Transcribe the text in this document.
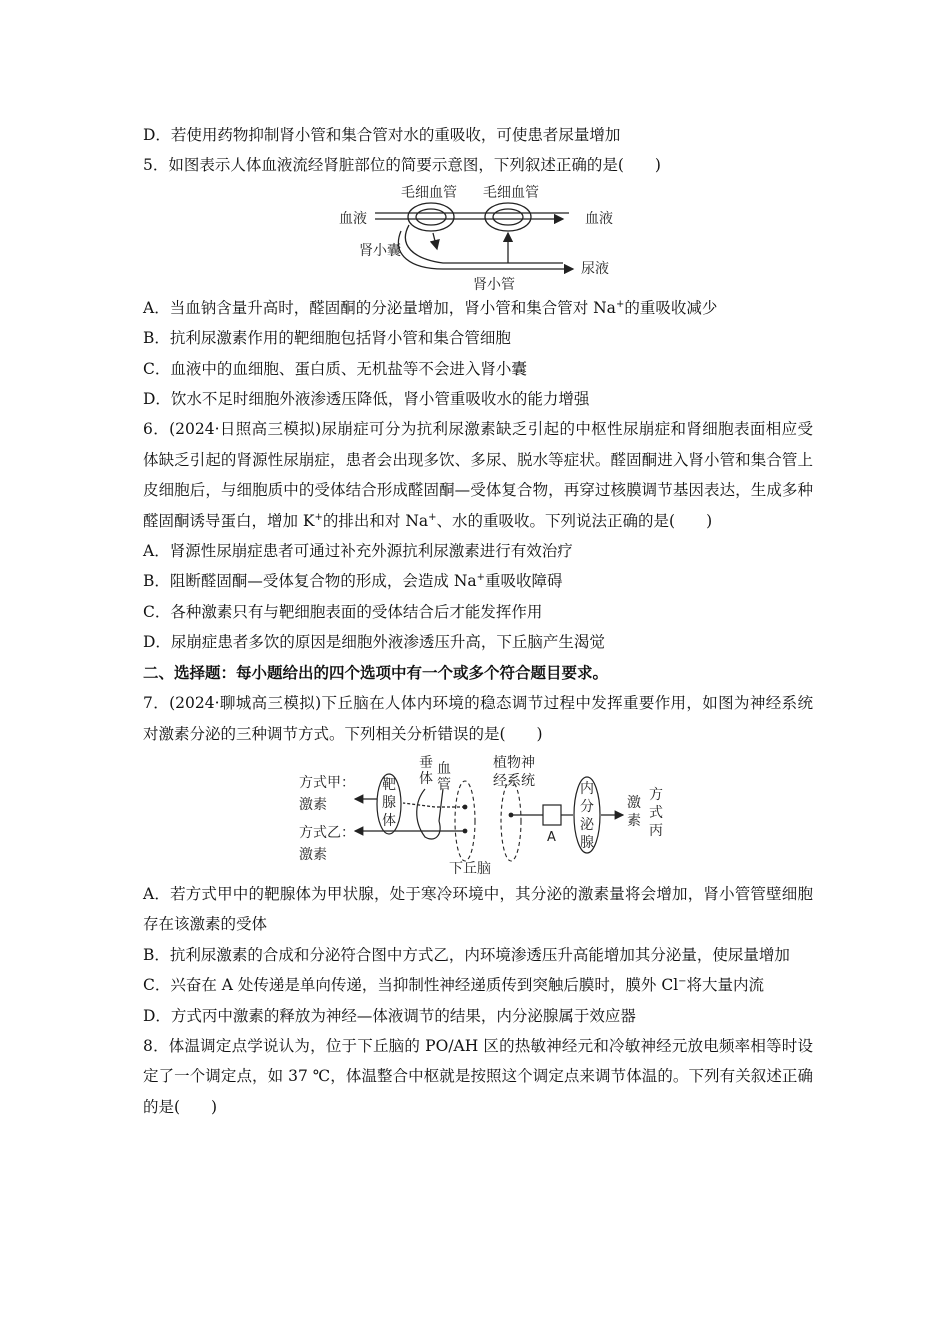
D．若使用药物抑制肾小管和集合管对水的重吸收，可使患者尿量增加
5．如图表示人体血液流经肾脏部位的简要示意图，下列叙述正确的是(　　)
毛细血管 毛细血管
血液	血液
肾小囊
肾小管
尿液
A．当血钠含量升高时，醛固酮的分泌量增加，肾小管和集合管对 Na+的重吸收减少
B．抗利尿激素作用的靶细胞包括肾小管和集合管细胞
C．血液中的血细胞、蛋白质、无机盐等不会进入肾小囊
D．饮水不足时细胞外液渗透压降低，肾小管重吸收水的能力增强
6．(2024·日照高三模拟)尿崩症可分为抗利尿激素缺乏引起的中枢性尿崩症和肾细胞表面相应受体缺乏引起的肾源性尿崩症，患者会出现多饮、多尿、脱水等症状。醛固酮进入肾小管和集合管上皮细胞后，与细胞质中的受体结合形成醛固酮—受体复合物，再穿过核膜调节基因表达，生成多种醛固酮诱导蛋白，增加 K+的排出和对 Na+、水的重吸收。下列说法正确的是(　　)
A．肾源性尿崩症患者可通过补充外源抗利尿激素进行有效治疗
B．阻断醛固酮—受体复合物的形成，会造成 Na+重吸收障碍
C．各种激素只有与靶细胞表面的受体结合后才能发挥作用
D．尿崩症患者多饮的原因是细胞外液渗透压升高，下丘脑产生渴觉
二、选择题：每小题给出的四个选项中有一个或多个符合题目要求。
7．(2024·聊城高三模拟)下丘脑在人体内环境的稳态调节过程中发挥重要作用，如图为神经系统对激素分泌的三种调节方式。下列相关分析错误的是(　　)
方式甲：
激素
方式乙：
激素
靶
腺
体
垂
体
血
管
植物神
经系统
A
内
分
泌
腺
激
素
方
式
丙
下丘脑
A．若方式甲中的靶腺体为甲状腺，处于寒冷环境中，其分泌的激素量将会增加，肾小管管壁细胞存在该激素的受体
B．抗利尿激素的合成和分泌符合图中方式乙，内环境渗透压升高能增加其分泌量，使尿量增加
C．兴奋在 A 处传递是单向传递，当抑制性神经递质传到突触后膜时，膜外 Cl−将大量内流
D．方式丙中激素的释放为神经—体液调节的结果，内分泌腺属于效应器
8．体温调定点学说认为，位于下丘脑的 PO/AH 区的热敏神经元和冷敏神经元放电频率相等时设定了一个调定点，如 37 ℃，体温整合中枢就是按照这个调定点来调节体温的。下列有关叙述正确的是(　　)
